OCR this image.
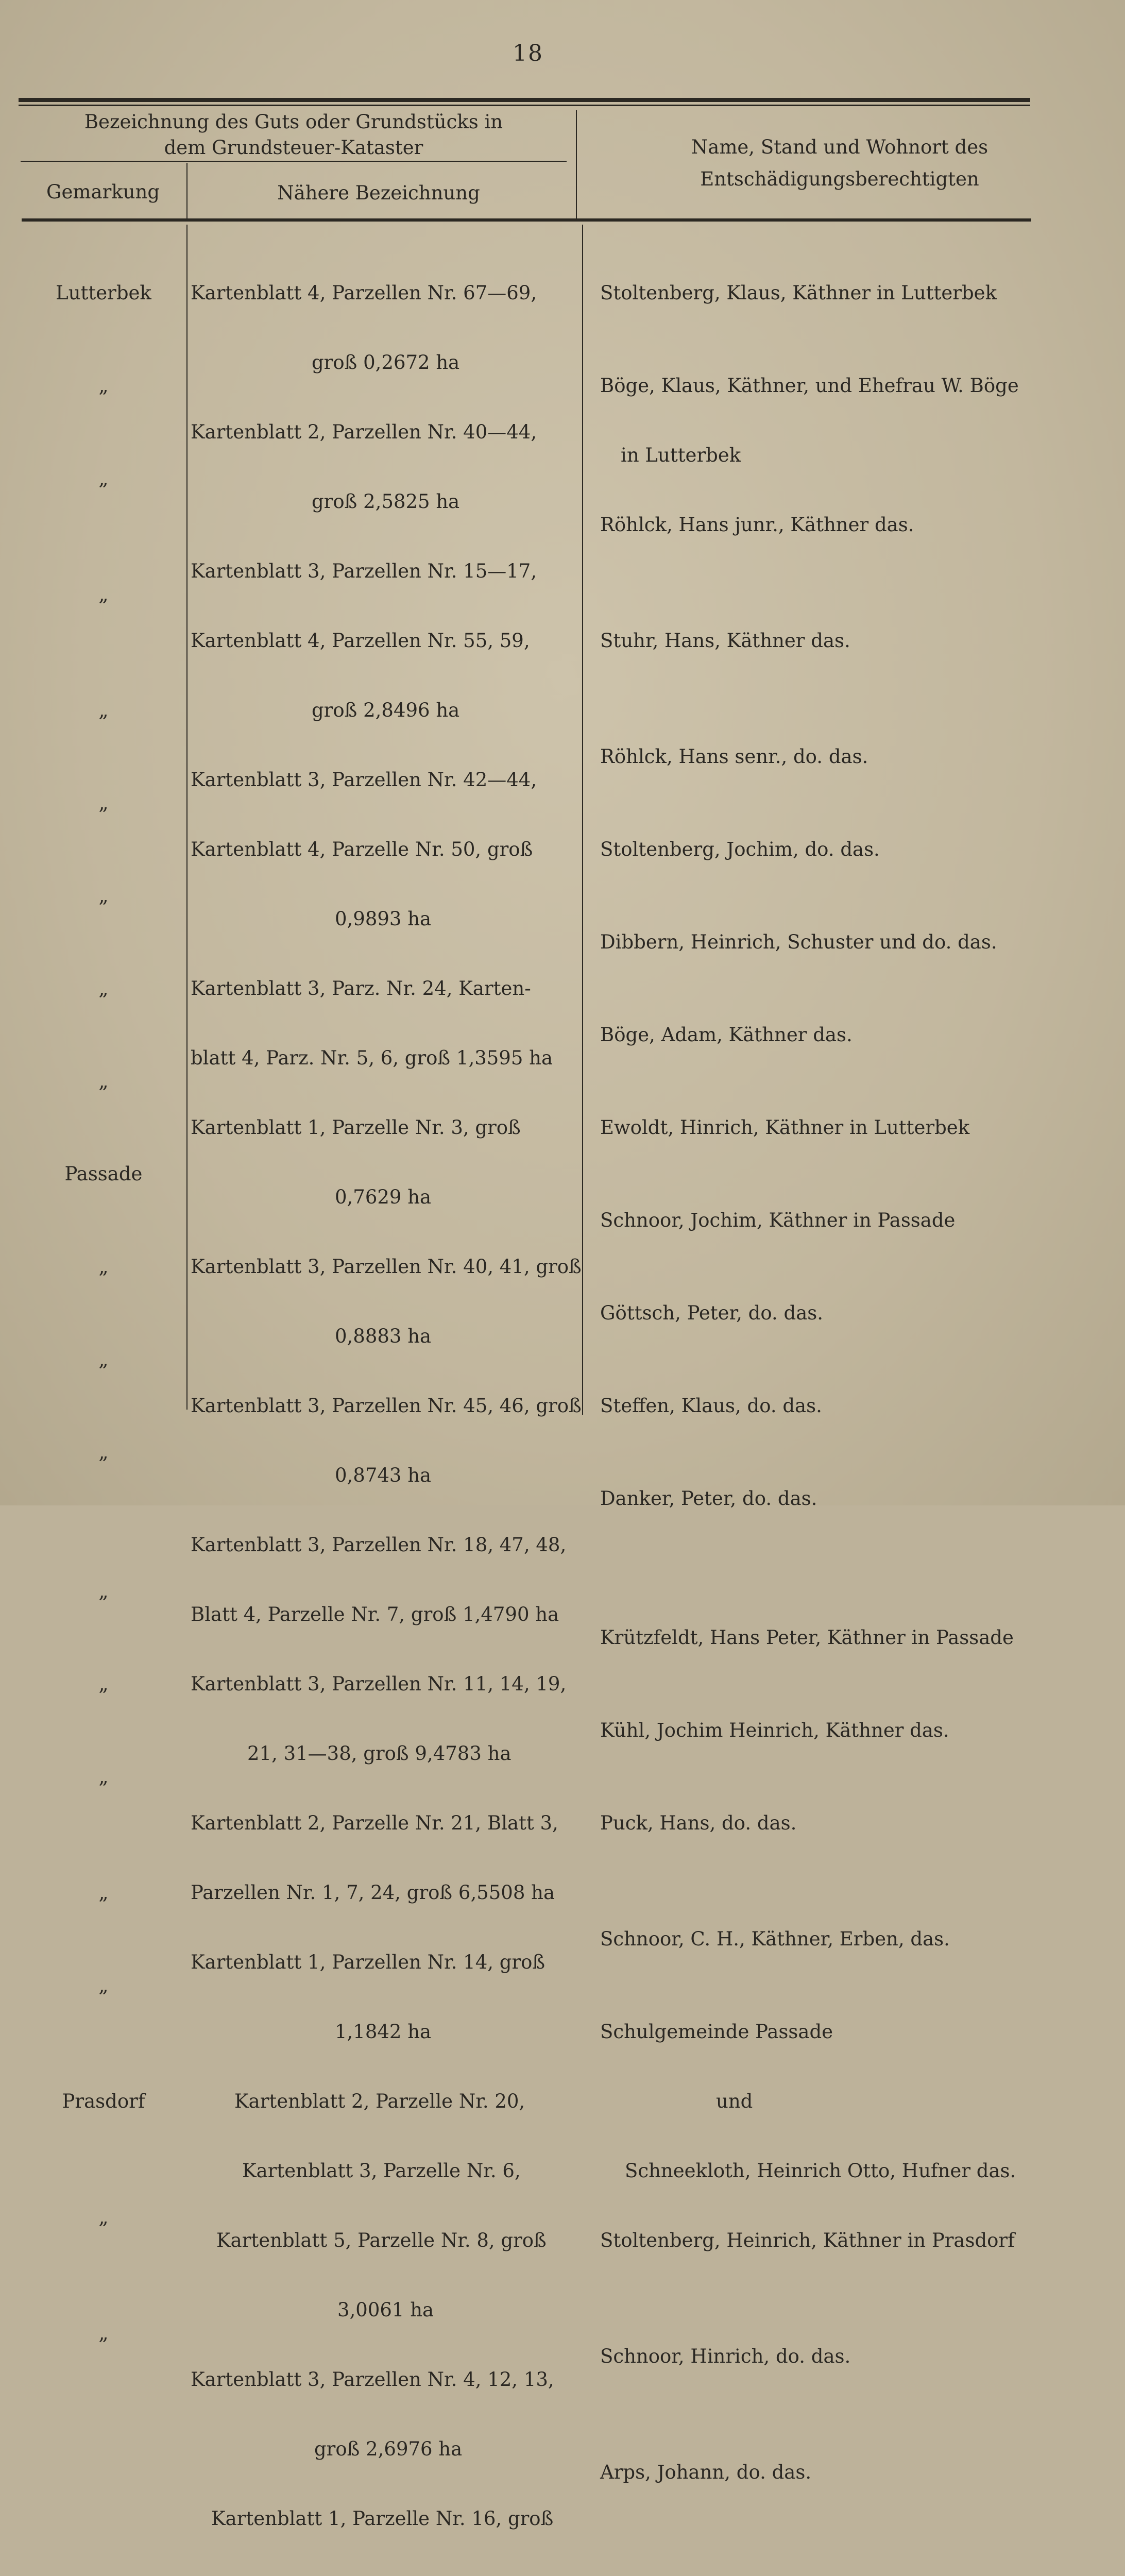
18
Bezeichnung des Guts oder Grundstücks in
dem Grundsteuer-Kataster
Gemarkung	Nähere Bezeichnung
Name, Stand und Wohnort des
Entschädigungsberechtigten

Lutterbek

„

„

„

„

„

„

„

„

Passade

„

„

„

„

„

„

„

„

Prasdorf

„

„

Kartenblatt 4, Parzellen Nr. 67—69,

groß 0,2672 ha

Kartenblatt 2, Parzellen Nr. 40—44,

groß 2,5825 ha

Kartenblatt 3, Parzellen Nr. 15—17,

Kartenblatt 4, Parzellen Nr. 55, 59,

groß 2,8496 ha

Kartenblatt 3, Parzellen Nr. 42—44,

Kartenblatt 4, Parzelle Nr. 50, groß

0,9893 ha

Kartenblatt 3, Parz. Nr. 24, Karten-

blatt 4, Parz. Nr. 5, 6, groß 1,3595 ha

Kartenblatt 1, Parzelle Nr. 3, groß

0,7629 ha

Kartenblatt 3, Parzellen Nr. 40, 41, groß

0,8883 ha

Kartenblatt 3, Parzellen Nr. 45, 46, groß

0,8743 ha

Kartenblatt 3, Parzellen Nr. 18, 47, 48,

Blatt 4, Parzelle Nr. 7, groß 1,4790 ha

Kartenblatt 3, Parzellen Nr. 11, 14, 19,

21, 31—38, groß 9,4783 ha

Kartenblatt 2, Parzelle Nr. 21, Blatt 3,

Parzellen Nr. 1, 7, 24, groß 6,5508 ha

Kartenblatt 1, Parzellen Nr. 14, groß

1,1842 ha

Kartenblatt 2, Parzelle Nr. 20,

Kartenblatt 3, Parzelle Nr. 6,

Kartenblatt 5, Parzelle Nr. 8, groß

3,0061 ha

Kartenblatt 3, Parzellen Nr. 4, 12, 13,

groß 2,6976 ha

Kartenblatt 1, Parzelle Nr. 16, groß

Stoltenberg, Klaus, Käthner in Lutterbek

Böge, Klaus, Käthner, und Ehefrau W. Böge

in Lutterbek

Röhlck, Hans junr., Käthner das.

Stuhr, Hans, Käthner das.

Röhlck, Hans senr., do. das.

Stoltenberg, Jochim, do. das.

Dibbern, Heinrich, Schuster und do. das.

Böge, Adam, Käthner das.

Ewoldt, Hinrich, Käthner in Lutterbek

Schnoor, Jochim, Käthner in Passade

Göttsch, Peter, do. das.

Steffen, Klaus, do. das.

Danker, Peter, do. das.

Krützfeldt, Hans Peter, Käthner in Passade

Kühl, Jochim Heinrich, Käthner das.

Puck, Hans, do. das.

Schnoor, C. H., Käthner, Erben, das.

Schulgemeinde Passade

und

Schneekloth, Heinrich Otto, Hufner das.

Stoltenberg, Heinrich, Käthner in Prasdorf

Schnoor, Hinrich, do. das.

Arps, Johann, do. das.
